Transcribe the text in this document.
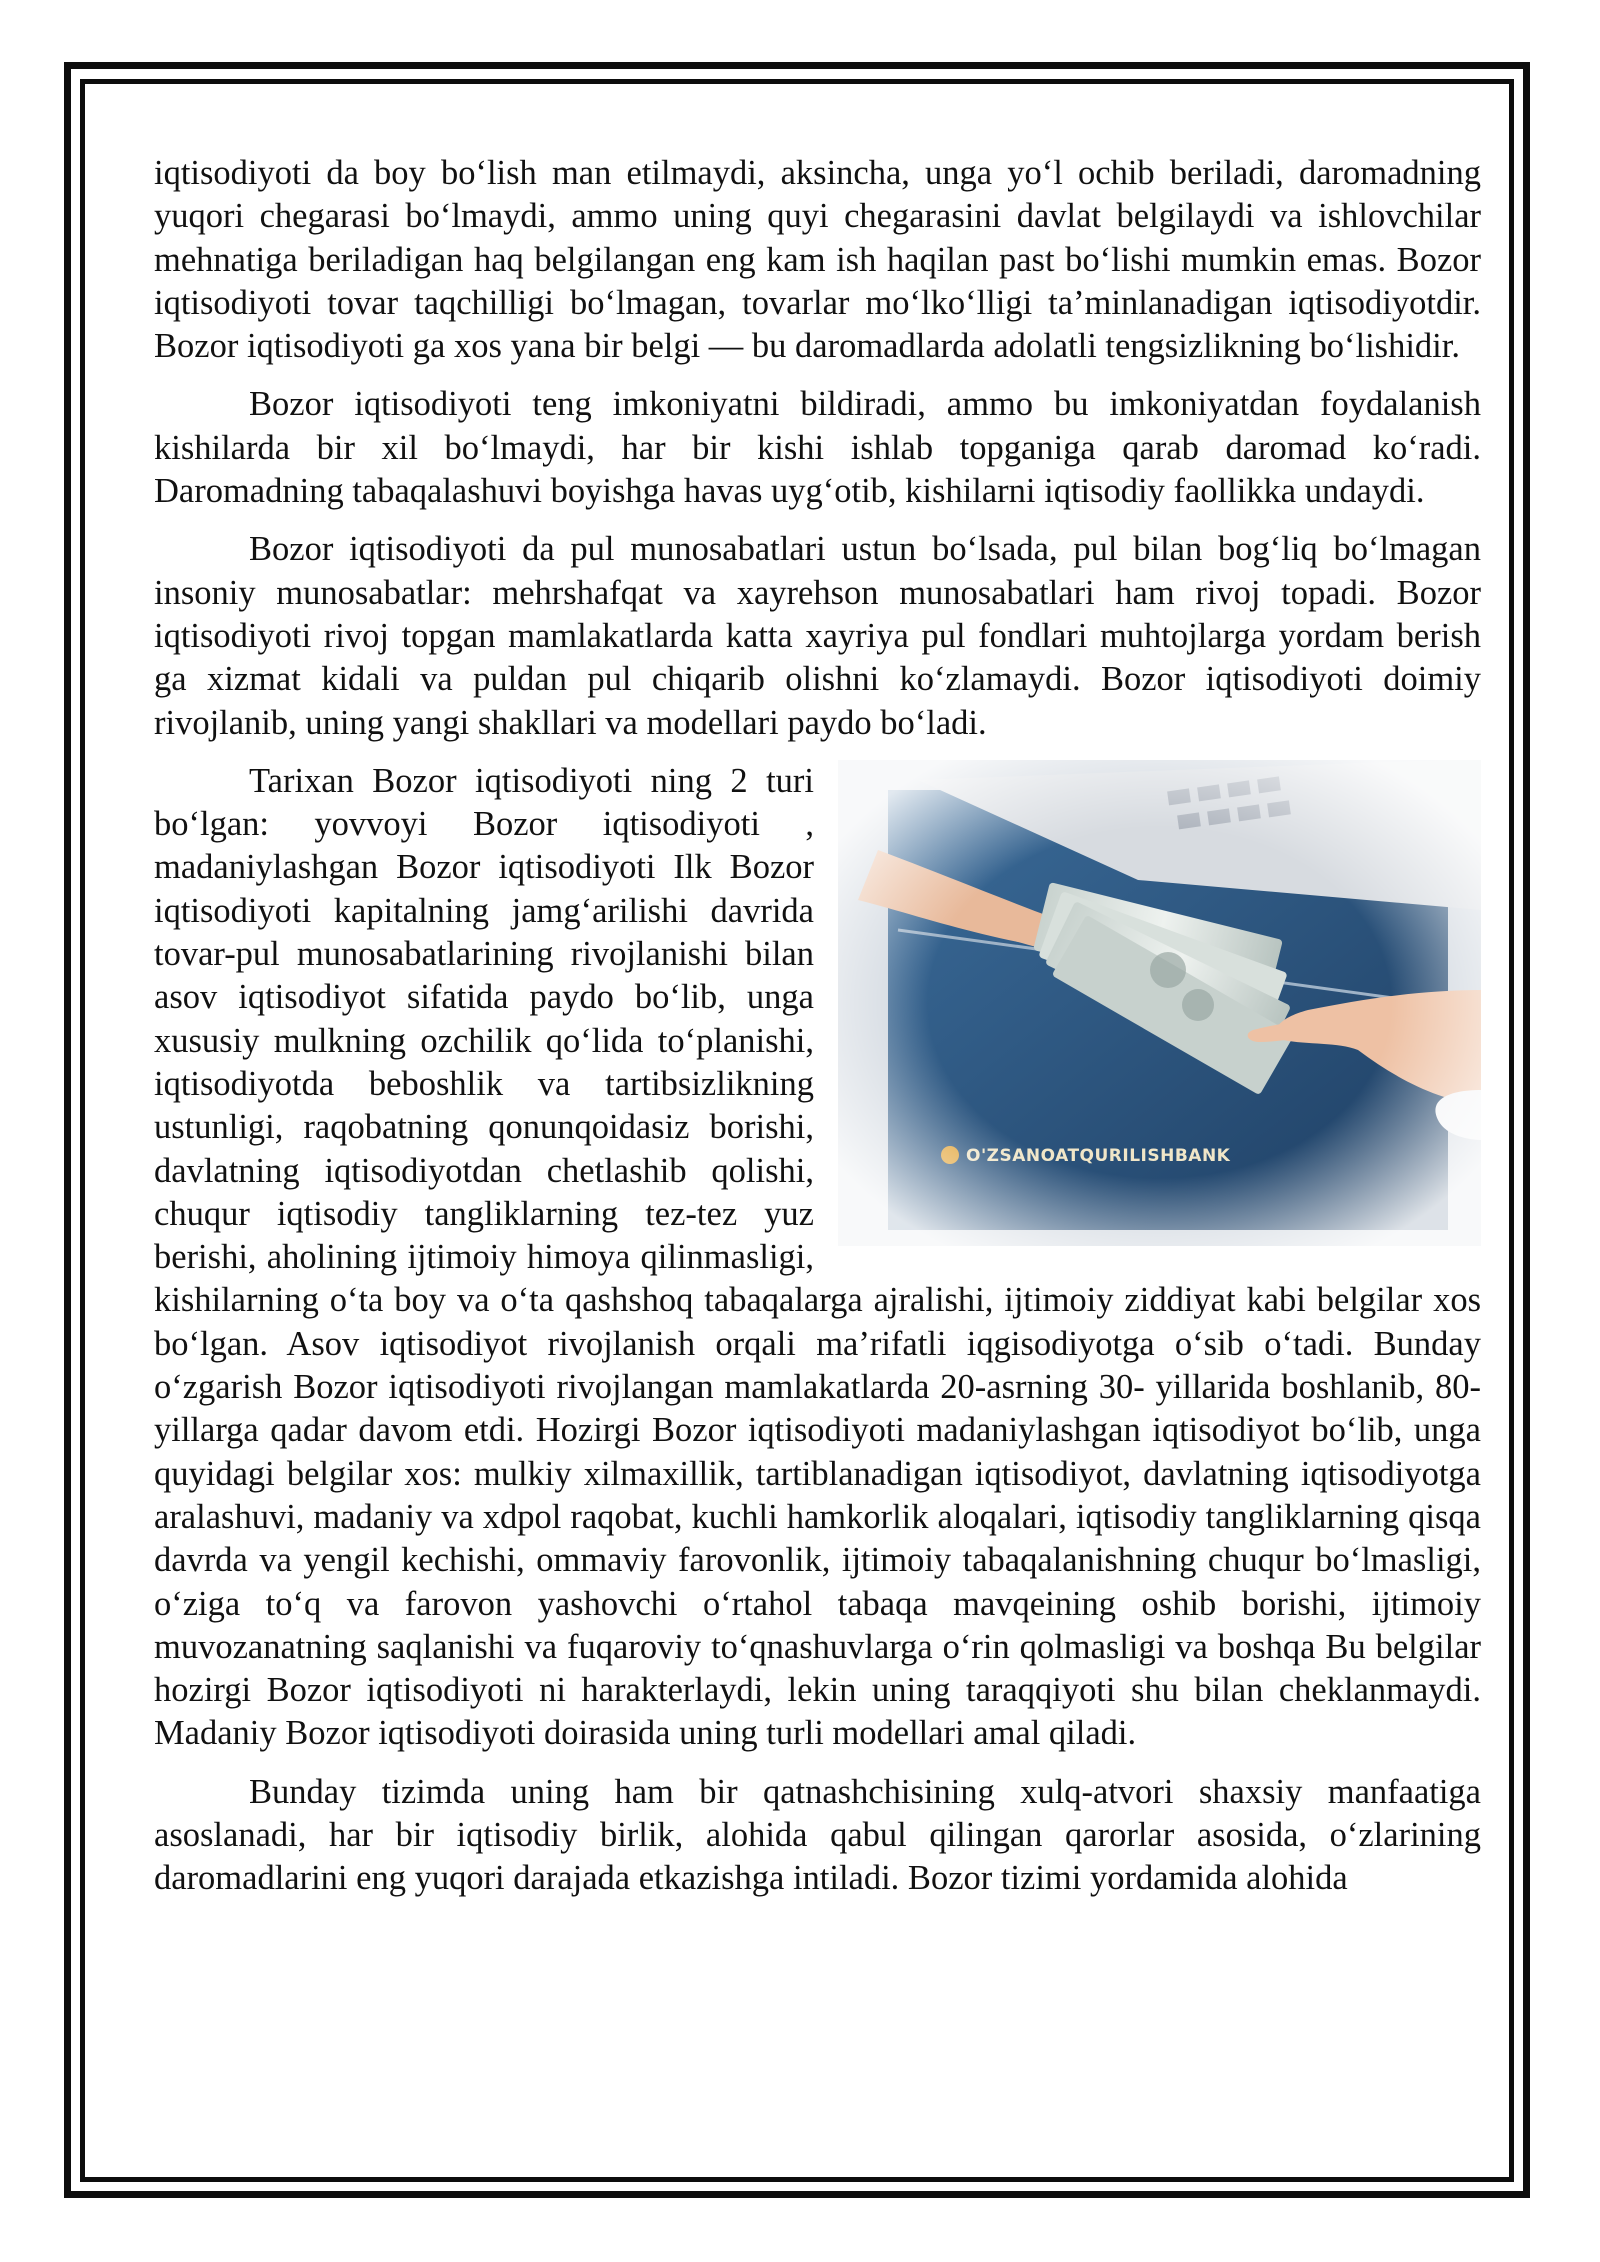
iqtisodiyoti da boy bo‘lish man etilmaydi, aksincha, unga yo‘l ochib beriladi, daromadning yuqori chegarasi bo‘lmaydi, ammo uning quyi chegarasini davlat belgilaydi va ishlovchilar mehnatiga beriladigan haq belgilangan eng kam ish haqilan past bo‘lishi mumkin emas. Bozor iqtisodiyoti tovar taqchilligi bo‘lmagan, tovarlar mo‘lko‘lligi ta’minlanadigan iqtisodiyotdir. Bozor iqtisodiyoti ga xos yana bir belgi — bu daromadlarda adolatli tengsizlikning bo‘lishidir.

Bozor iqtisodiyoti teng imkoniyatni bildiradi, ammo bu imkoniyatdan foydalanish kishilarda bir xil bo‘lmaydi, har bir kishi ishlab topganiga qarab daromad ko‘radi. Daromadning tabaqalashuvi boyishga havas uyg‘otib, kishilarni iqtisodiy faollikka undaydi.

Bozor iqtisodiyoti da pul munosabatlari ustun bo‘lsada, pul bilan bog‘liq bo‘lmagan insoniy munosabatlar: mehrshafqat va xayrehson munosabatlari ham rivoj topadi. Bozor iqtisodiyoti rivoj topgan mamlakatlarda katta xayriya pul fondlari muhtojlarga yordam berish ga xizmat kidali va puldan pul chiqarib olishni ko‘zlamaydi. Bozor iqtisodiyoti doimiy rivojlanib, uning yangi shakllari va modellari paydo bo‘ladi.

Tarixan Bozor iqtisodiyoti ning 2 turi bo‘lgan: yovvoyi Bozor iqtisodiyoti , madaniylashgan Bozor iqtisodiyoti Ilk Bozor iqtisodiyoti kapitalning jamg‘arilishi davrida tovar-pul munosabatlarining rivojlanishi bilan asov iqtisodiyot sifatida paydo bo‘lib, unga xususiy mulkning ozchilik qo‘lida to‘planishi, iqtisodiyotda beboshlik va tartibsizlikning ustunligi, raqobatning qonunqoidasiz borishi, davlatning iqtisodiyotdan chetlashib qolishi, chuqur iqtisodiy tangliklarning tez-tez yuz berishi, aholining ijtimoiy himoya qilinmasligi, kishilarning o‘ta boy va o‘ta qashshoq tabaqalarga ajralishi, ijtimoiy ziddiyat kabi belgilar xos bo‘lgan. Asov iqtisodiyot rivojlanish orqali ma’rifatli iqgisodiyotga o‘sib o‘tadi. Bunday o‘zgarish Bozor iqtisodiyoti rivojlangan mamlakatlarda 20-asrning 30- yillarida boshlanib, 80- yillarga qadar davom etdi. Hozirgi Bozor iqtisodiyoti madaniylashgan iqtisodiyot bo‘lib, unga quyidagi belgilar xos: mulkiy xilmaxillik, tartiblanadigan iqtisodiyot, davlatning iqtisodiyotga aralashuvi, madaniy va xdpol raqobat, kuchli hamkorlik aloqalari, iqtisodiy tangliklarning qisqa davrda va yengil kechishi, ommaviy farovonlik, ijtimoiy tabaqalanishning chuqur bo‘lmasligi, o‘ziga to‘q va farovon yashovchi o‘rtahol tabaqa mavqeining oshib borishi, ijtimoiy muvozanatning saqlanishi va fuqaroviy to‘qnashuvlarga o‘rin qolmasligi va boshqa Bu belgilar hozirgi Bozor iqtisodiyoti ni harakterlaydi, lekin uning taraqqiyoti shu bilan cheklanmaydi. Madaniy Bozor iqtisodiyoti doirasida uning turli modellari amal qiladi.

Bunday tizimda uning ham bir qatnashchisining xulq-atvori shaxsiy manfaatiga asoslanadi, har bir iqtisodiy birlik, alohida qabul qilingan qarorlar asosida, o‘zlarining daromadlarini eng yuqori darajada etkazishga intiladi. Bozor tizimi yordamida alohida
